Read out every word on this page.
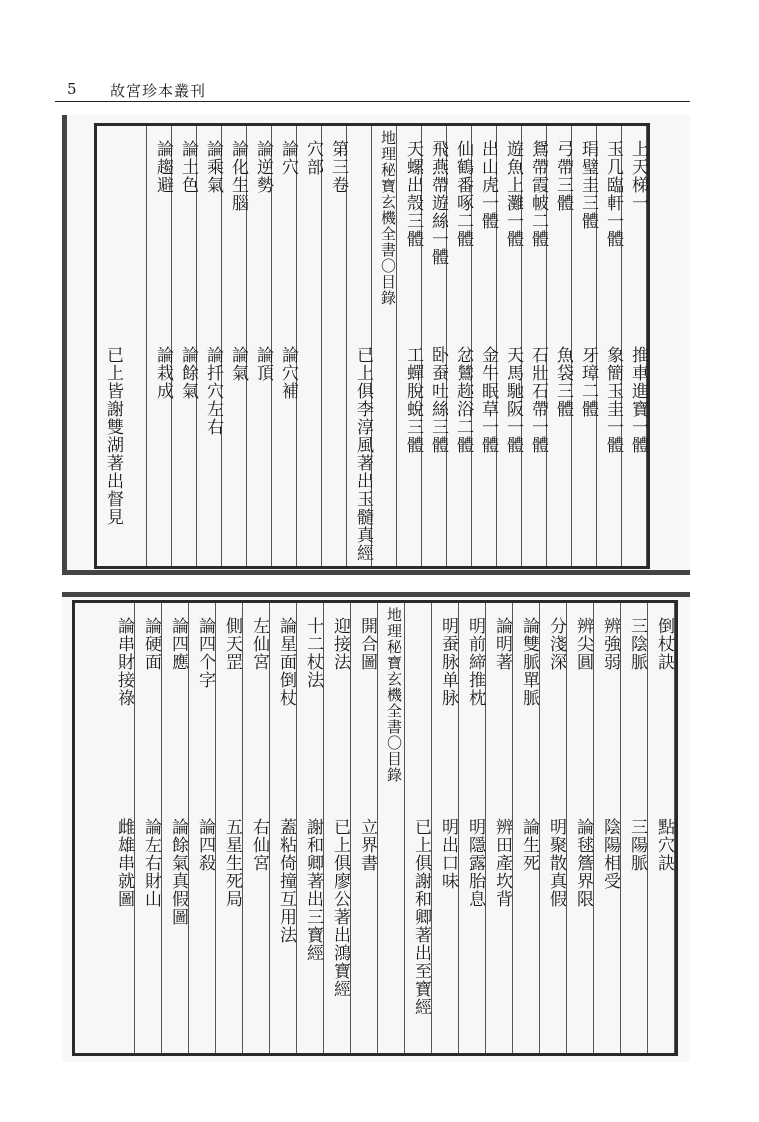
5 故宮珍本叢刊
上天梯一
推車進寶一體
玉几臨軒一體
象簡玉圭一體
琄璧圭三體
牙璋二體
弓帶三體
魚袋三體
鴛帶霞帔二體
石壯石帶一體
遊魚上灘一體
天馬馳阪一體
出山虎一體
金牛眠草一體
仙鶴番啄二體
忿鷥趂浴二體
飛燕帶遊絲一體
卧蚕吐絲三體
天螺出殼三體
工蟬脫蛻三體
地理秘寶玄機全書〇目錄
已上俱李淳風著出玉髓真經
第三卷
穴部
論穴
論穴補
論逆勢
論頂
論化生腦
論氣
論乘氣
論扦穴左右
論土色
論餘氣
論趨避
論栽成
已上皆謝雙湖著出督見
倒杖訣
點穴訣
三陰脈
三陽脈
辨強弱
陰陽相受
辨尖圓
論毬簷界限
分淺深
明聚散真假
論雙脈單脈
論生死
論明著
辨田產坎背
明前締推枕
明隱露胎息
明蚕脉单脉
明出口味
已上俱謝和卿著出至寶經
地理秘寶玄機全書〇目錄
開合圖
立界書
迎接法
已上俱廖公著出鴻寶經
十二杖法
謝和卿著出三寶經
論星面倒杖
蓋粘倚撞互用法
左仙宮
右仙宮
側天罡
五星生死局
論四个字
論四殺
論四應
論餘氣真假圖
論硬面
論左右財山
論串財接祿
雌雄串就圖
